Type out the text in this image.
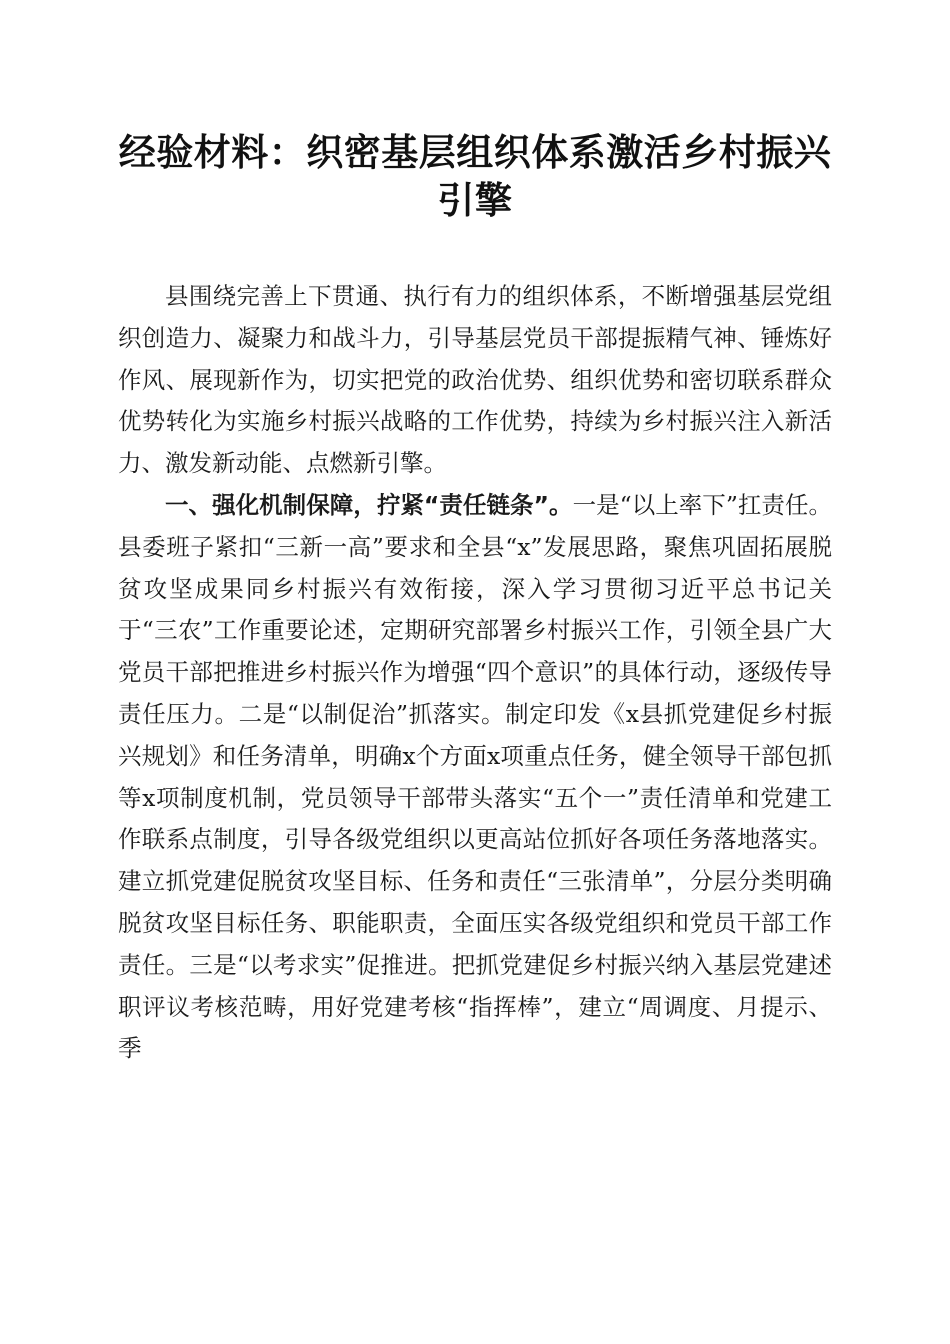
经验材料：织密基层组织体系激活乡村振兴引擎

县围绕完善上下贯通、执行有力的组织体系，不断增强基层党组织创造力、凝聚力和战斗力，引导基层党员干部提振精气神、锤炼好作风、展现新作为，切实把党的政治优势、组织优势和密切联系群众优势转化为实施乡村振兴战略的工作优势，持续为乡村振兴注入新活力、激发新动能、点燃新引擎。

一、强化机制保障，拧紧“责任链条”。一是“以上率下”扛责任。县委班子紧扣“三新一高”要求和全县“x”发展思路，聚焦巩固拓展脱贫攻坚成果同乡村振兴有效衔接，深入学习贯彻习近平总书记关于“三农”工作重要论述，定期研究部署乡村振兴工作，引领全县广大党员干部把推进乡村振兴作为增强“四个意识”的具体行动，逐级传导责任压力。二是“以制促治”抓落实。制定印发《x县抓党建促乡村振兴规划》和任务清单，明确x个方面x项重点任务，健全领导干部包抓等x项制度机制，党员领导干部带头落实“五个一”责任清单和党建工作联系点制度，引导各级党组织以更高站位抓好各项任务落地落实。建立抓党建促脱贫攻坚目标、任务和责任“三张清单”，分层分类明确脱贫攻坚目标任务、职能职责，全面压实各级党组织和党员干部工作责任。三是“以考求实”促推进。把抓党建促乡村振兴纳入基层党建述职评议考核范畴，用好党建考核“指挥棒”，建立“周调度、月提示、季
